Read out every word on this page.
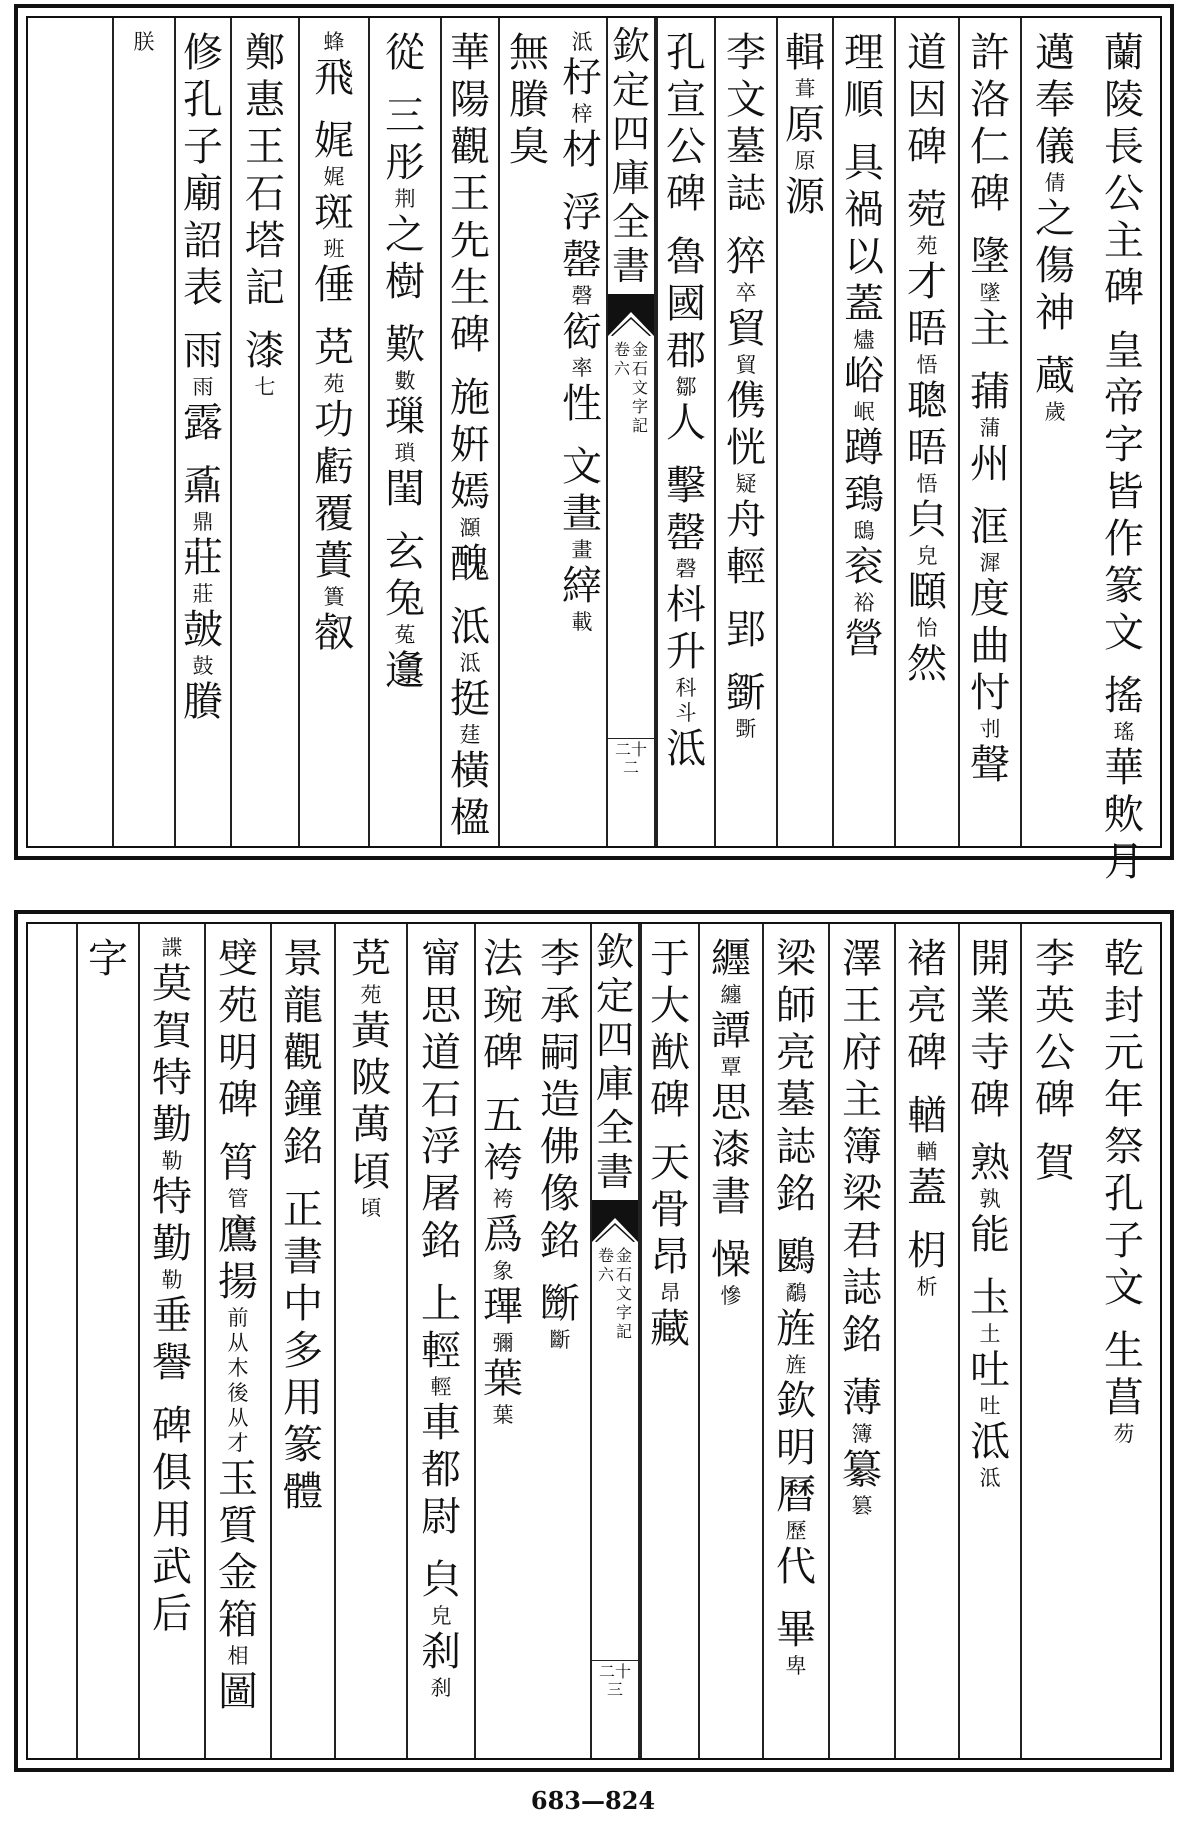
蘭
陵
長
公
主
碑
皇
帝
字
皆
作
篆
文
搖
瑤
華
䶾
月
邁
奉
儀
倩
之
傷
神
蔵
歲
許
洛
仁
碑
墬
墜
主
蒱
蒲
州
洭
漽
度
曲
忖
刌
聲
道
因
碑
菀
苑
才
晤
悟
聰
晤
悟
㒵
皃
頥
怡
然
理
順
具
禍
以
蓋
燼
峪
岷
蹲
鵄
鴟
衮
裕
營
輯
葺
原
原
源
李
文
墓
誌
猝
卒
貿
貿
㑺
恍
疑
舟
輕
郢
斵
斲
孔
宣
公
碑
魯
國
郡
鄒
人
擊
罄
磬
枓
升
科
斗
泜
欽
定
四
庫
全
書
金
石
文
字
記
卷
六
二十二
泜
杍
梓
材
浮
罄
磬
衒
率
性
文
晝
畫
縡
載
無
賸
臭
華
陽
觀
王
先
生
碑
施
姸
嫣
㶊
醜
泜
泜
挺
莛
橫
楹
從
三
彤
荆
之
樹
歎
數
璅
瑣
閨
玄
兔
菟
邍
蜂
飛
娓
娓
斑
班
倕
莌
苑
功
虧
覆
蕢
簣
㕡
鄭
惠
王
石
塔
記
漆
七
修
孔
子
廟
詔
表
雨
雨
露
鼒
鼎
莊
莊
皷
鼓
賸
朕
乾
封
元
年
祭
孔
子
文
生
菖
芴
李
英
公
碑
賀
開
業
寺
碑
熟
孰
能
圡
土
吐
吐
泜
泜
褚
亮
碑
輶
輶
蓋
枂
析
澤
王
府
主
簿
梁
君
誌
銘
薄
簿
纂
篡
梁
師
亮
墓
誌
銘
鶠
鷸
旌
旌
欽
明
曆
歷
代
畢
卑
纒
纏
譚
覃
思
漆
書
懆
慘
于
大
猷
碑
天
骨
昂
昂
藏
欽
定
四
庫
全
書
金
石
文
字
記
卷
六
二十三
李
承
嗣
造
佛
像
銘
㫁
斷
法
琬
碑
五
袴
袴
爲
象
㻫
彌
葉
葉
甯
思
道
石
浮
屠
銘
上
輕
輕
車
都
尉
㒵
皃
刹
刹
莌
苑
黃
陂
萬
頃
頃
景
龍
觀
鐘
銘
正
書
中
多
用
篆
體
䢃
苑
明
碑
筲
管
鷹
揚
前
从
木
後
从
才
玉
質
金
箱
相
圖
諜
莫
賀
特
勤
勒
特
勤
勒
垂
譽
碑
俱
用
武
后
字
683—824
